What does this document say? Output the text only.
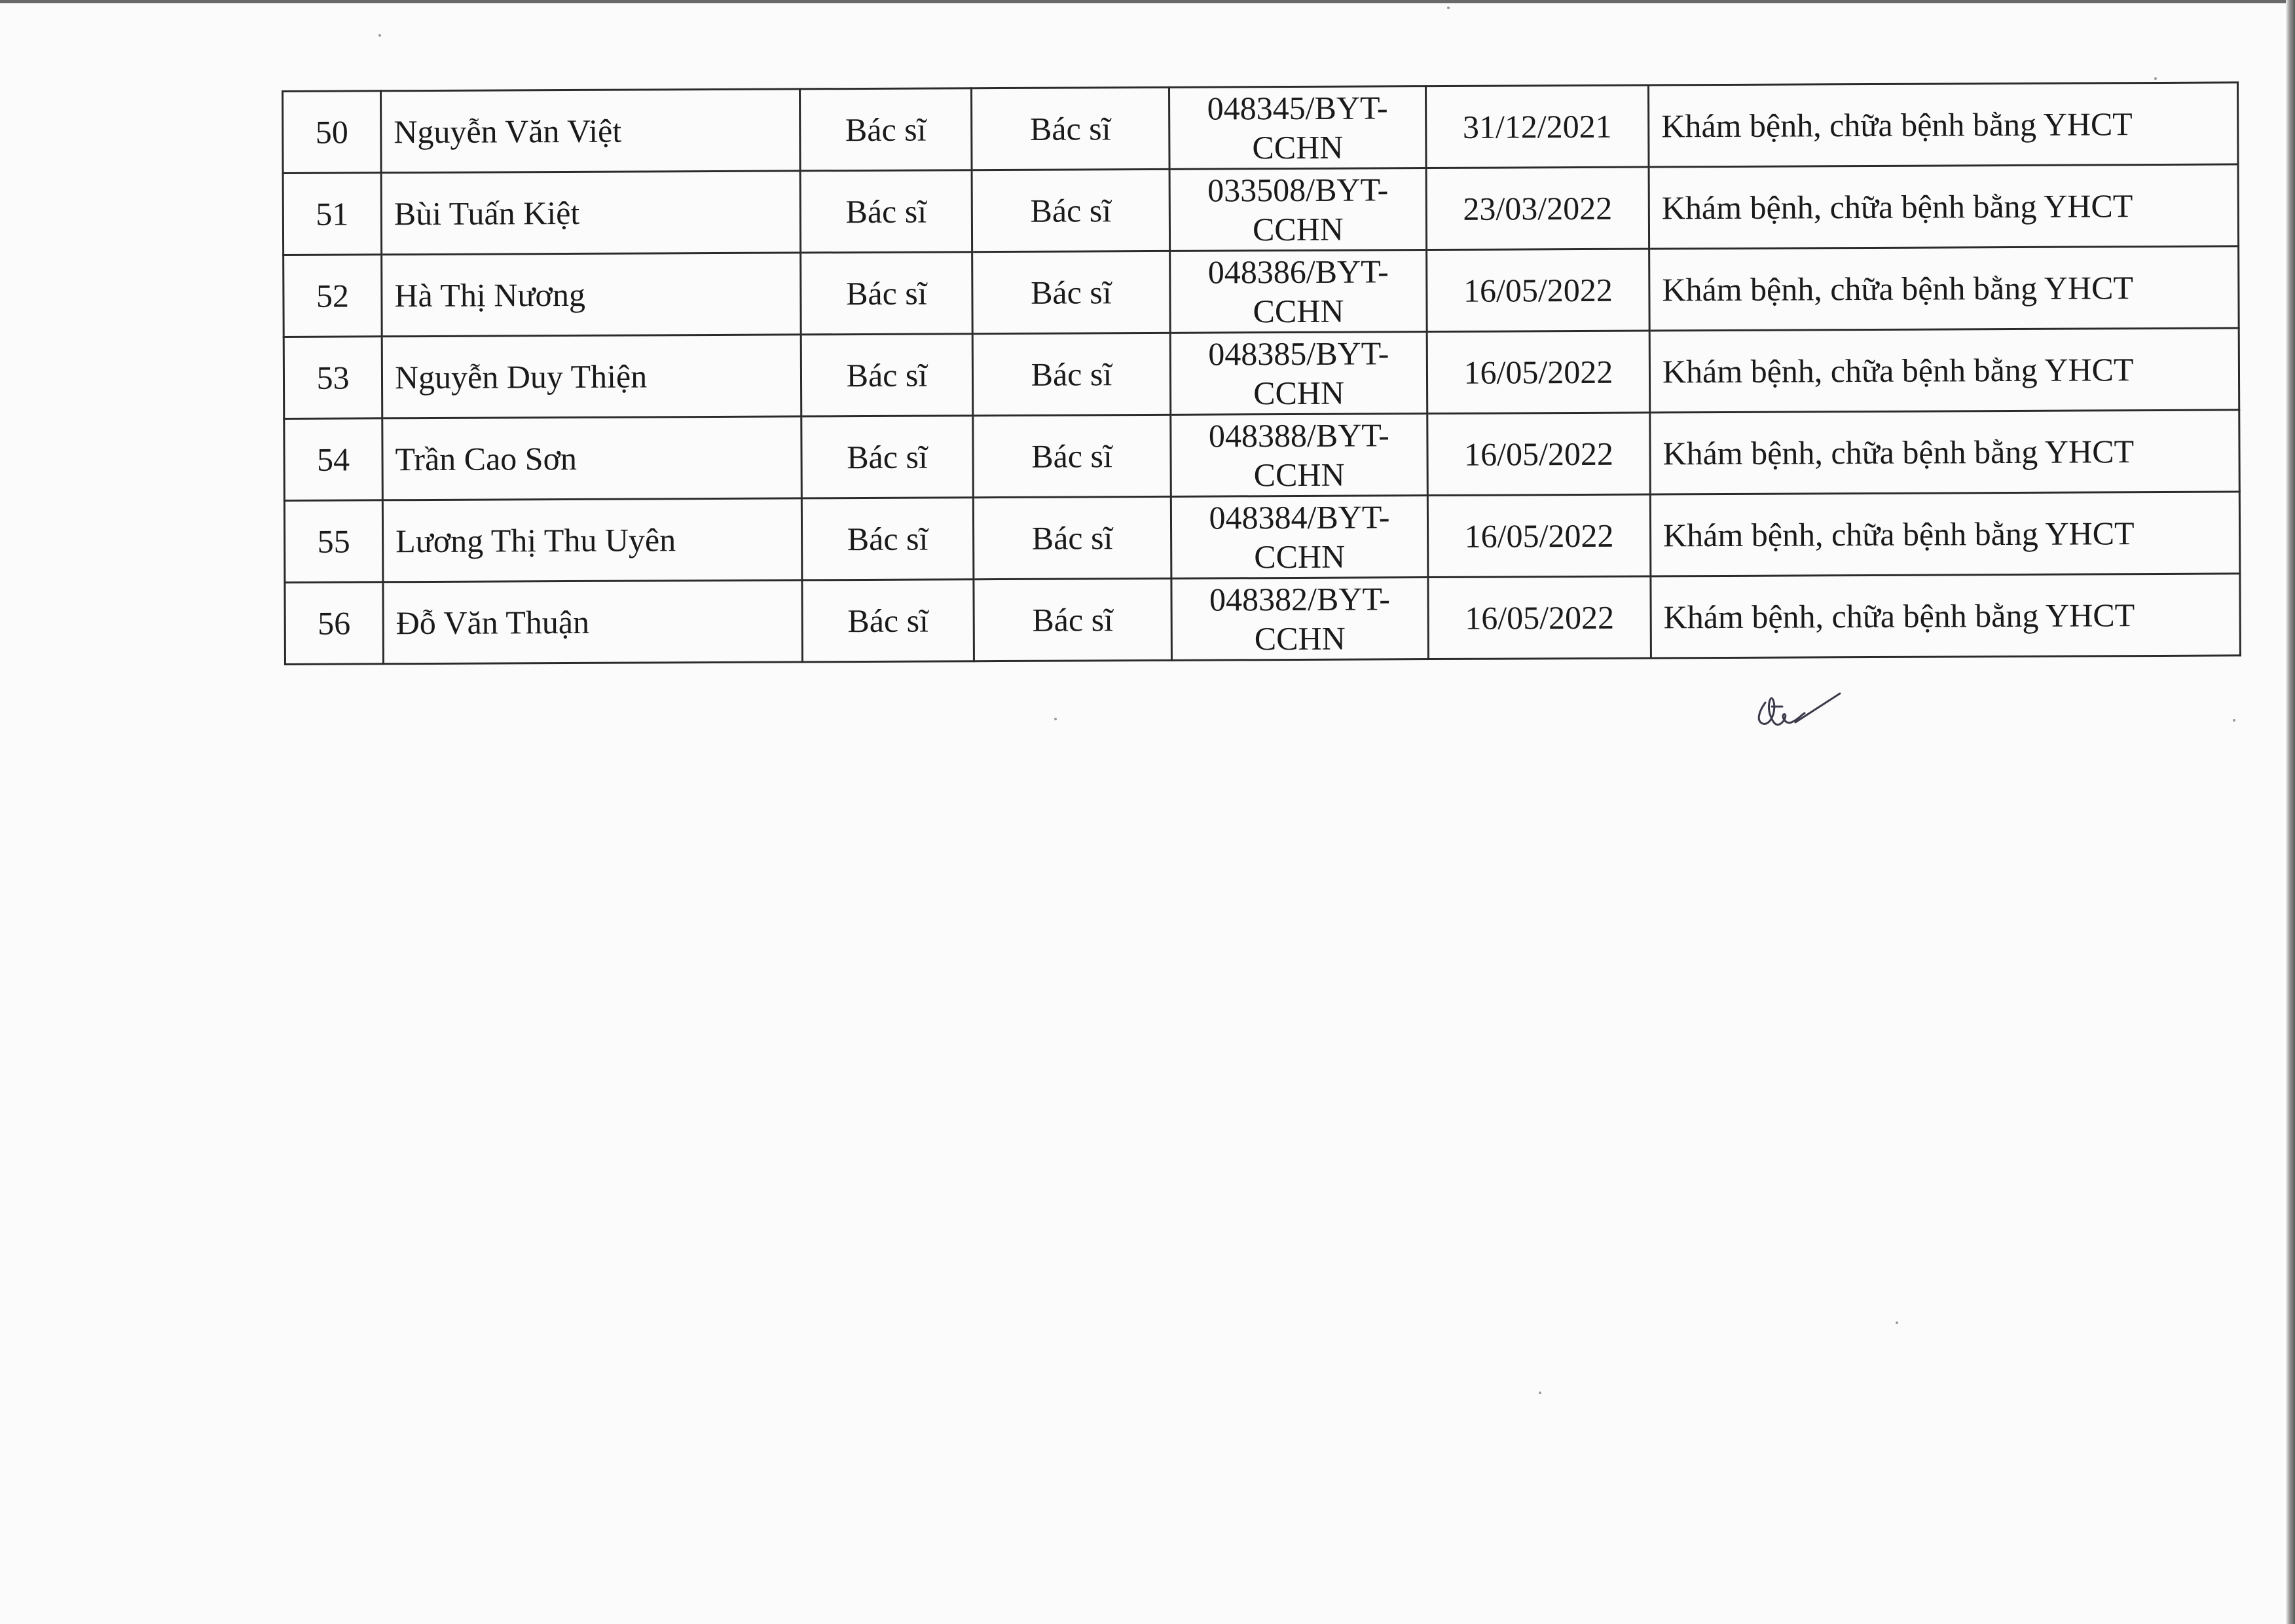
50	Nguyễn Văn Việt	Bác sĩ	Bác sĩ	048345/BYT-CCHN	31/12/2021	Khám bệnh, chữa bệnh bằng YHCT
51	Bùi Tuấn Kiệt	Bác sĩ	Bác sĩ	033508/BYT-CCHN	23/03/2022	Khám bệnh, chữa bệnh bằng YHCT
52	Hà Thị Nương	Bác sĩ	Bác sĩ	048386/BYT-CCHN	16/05/2022	Khám bệnh, chữa bệnh bằng YHCT
53	Nguyễn Duy Thiện	Bác sĩ	Bác sĩ	048385/BYT-CCHN	16/05/2022	Khám bệnh, chữa bệnh bằng YHCT
54	Trần Cao Sơn	Bác sĩ	Bác sĩ	048388/BYT-CCHN	16/05/2022	Khám bệnh, chữa bệnh bằng YHCT
55	Lương Thị Thu Uyên	Bác sĩ	Bác sĩ	048384/BYT-CCHN	16/05/2022	Khám bệnh, chữa bệnh bằng YHCT
56	Đỗ Văn Thuận	Bác sĩ	Bác sĩ	048382/BYT-CCHN	16/05/2022	Khám bệnh, chữa bệnh bằng YHCT
